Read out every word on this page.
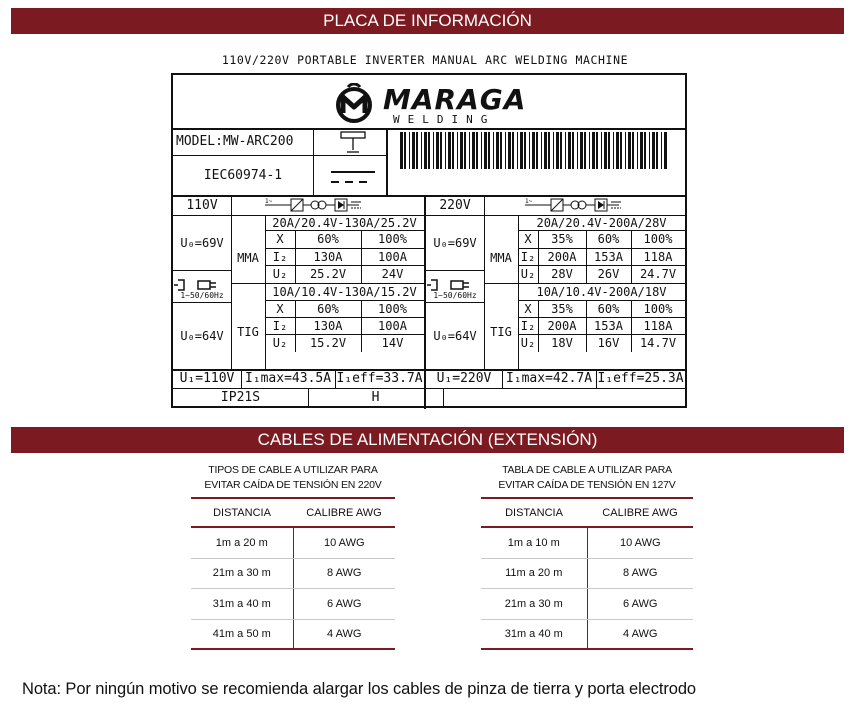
PLACA DE INFORMACIÓN
110V/220V PORTABLE INVERTER MANUAL ARC WELDING MACHINE
MARAGA
WELDING
MODEL:MW-ARC200
IEC60974-1
110V	1~
U₀=69V
1~50/60Hz
U₀=64V
MMA
TIG
20A/20.4V-130A/25.2V
X	60%	100%
I₂	130A	100A
U₂	25.2V	24V
10A/10.4V-130A/15.2V
X	60%	100%
I₂	130A	100A
U₂	15.2V	14V
220V	1~
U₀=69V
1~50/60Hz
U₀=64V
MMA
TIG
20A/20.4V-200A/28V
X	35%	60%	100%
I₂	200A	153A	118A
U₂	28V	26V	24.7V
10A/10.4V-200A/18V
X	35%	60%	100%
I₂	200A	153A	118A
U₂	18V	16V	14.7V
U₁=110V I₁max=43.5A I₁eff=33.7A	U₁=220V	I₁max=42.7A I₁eff=25.3A
IP21S	H
CABLES DE ALIMENTACIÓN (EXTENSIÓN)
TIPOS DE CABLE A UTILIZAR PARA
EVITAR CAÍDA DE TENSIÓN EN 220V
DISTANCIA	CALIBRE AWG
1m a 20 m	10 AWG
21m a 30 m	8 AWG
31m a 40 m	6 AWG
41m a 50 m	4 AWG
TABLA DE CABLE A UTILIZAR PARA
EVITAR CAÍDA DE TENSIÓN EN 127V
DISTANCIA	CALIBRE AWG
1m a 10 m	10 AWG
11m a 20 m	8 AWG
21m a 30 m	6 AWG
31m a 40 m	4 AWG
Nota: Por ningún motivo se recomienda alargar los cables de pinza de tierra y porta electrodo
